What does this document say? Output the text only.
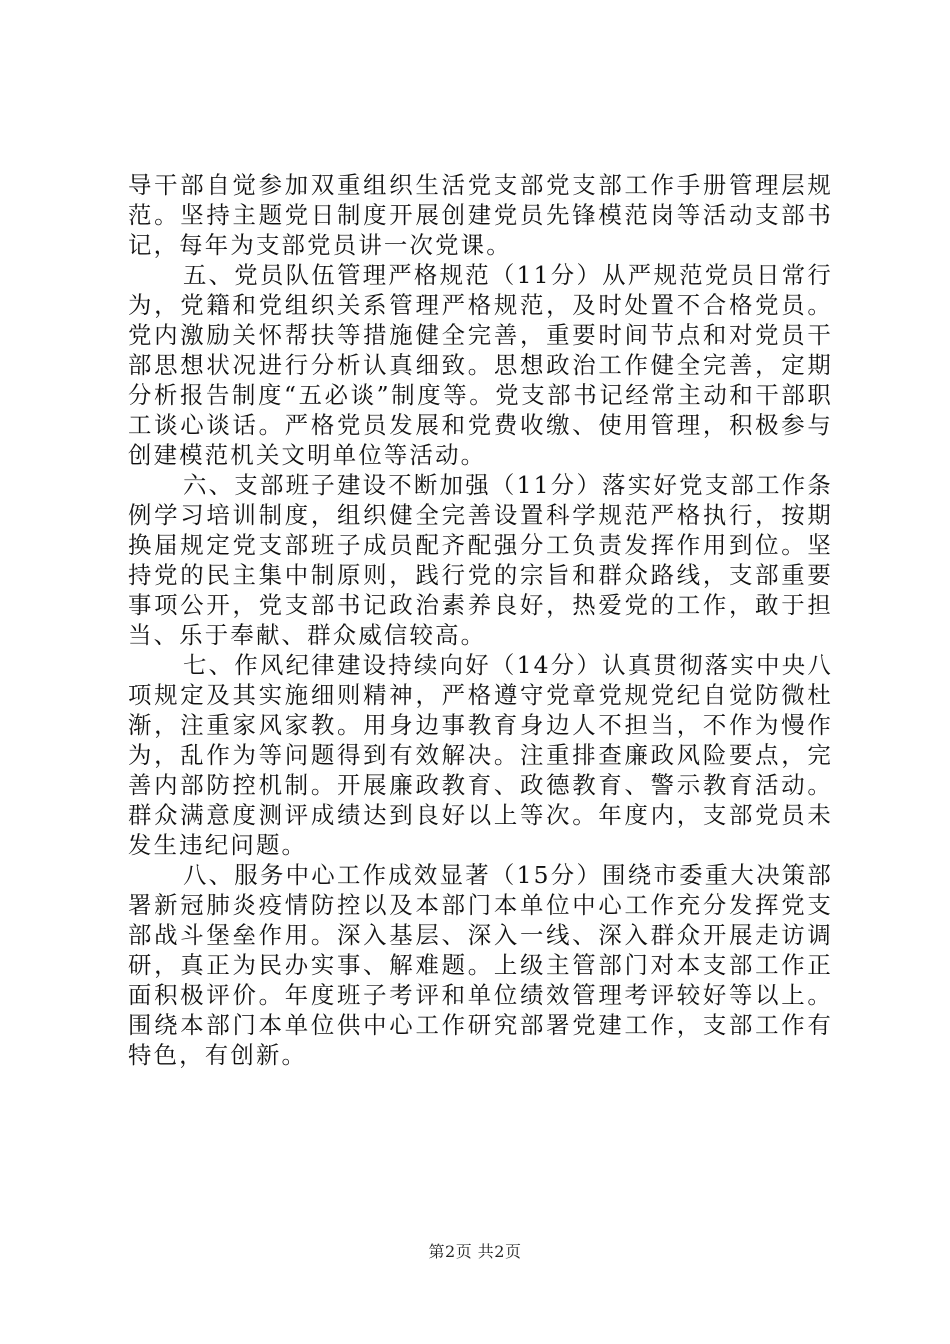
导干部自觉参加双重组织生活党支部党支部工作手册管理层规范。坚持主题党日制度开展创建党员先锋模范岗等活动支部书记，每年为支部党员讲一次党课。

五、党员队伍管理严格规范（11分）从严规范党员日常行为，党籍和党组织关系管理严格规范，及时处置不合格党员。党内激励关怀帮扶等措施健全完善，重要时间节点和对党员干部思想状况进行分析认真细致。思想政治工作健全完善，定期分析报告制度“五必谈”制度等。党支部书记经常主动和干部职工谈心谈话。严格党员发展和党费收缴、使用管理，积极参与创建模范机关文明单位等活动。

六、支部班子建设不断加强（11分）落实好党支部工作条例学习培训制度，组织健全完善设置科学规范严格执行，按期换届规定党支部班子成员配齐配强分工负责发挥作用到位。坚持党的民主集中制原则，践行党的宗旨和群众路线，支部重要事项公开，党支部书记政治素养良好，热爱党的工作，敢于担当、乐于奉献、群众威信较高。

七、作风纪律建设持续向好（14分）认真贯彻落实中央八项规定及其实施细则精神，严格遵守党章党规党纪自觉防微杜渐，注重家风家教。用身边事教育身边人不担当，不作为慢作为，乱作为等问题得到有效解决。注重排查廉政风险要点，完善内部防控机制。开展廉政教育、政德教育、警示教育活动。群众满意度测评成绩达到良好以上等次。年度内，支部党员未发生违纪问题。

八、服务中心工作成效显著（15分）围绕市委重大决策部署新冠肺炎疫情防控以及本部门本单位中心工作充分发挥党支部战斗堡垒作用。深入基层、深入一线、深入群众开展走访调研，真正为民办实事、解难题。上级主管部门对本支部工作正面积极评价。年度班子考评和单位绩效管理考评较好等以上。围绕本部门本单位供中心工作研究部署党建工作，支部工作有特色，有创新。

第2页 共2页
